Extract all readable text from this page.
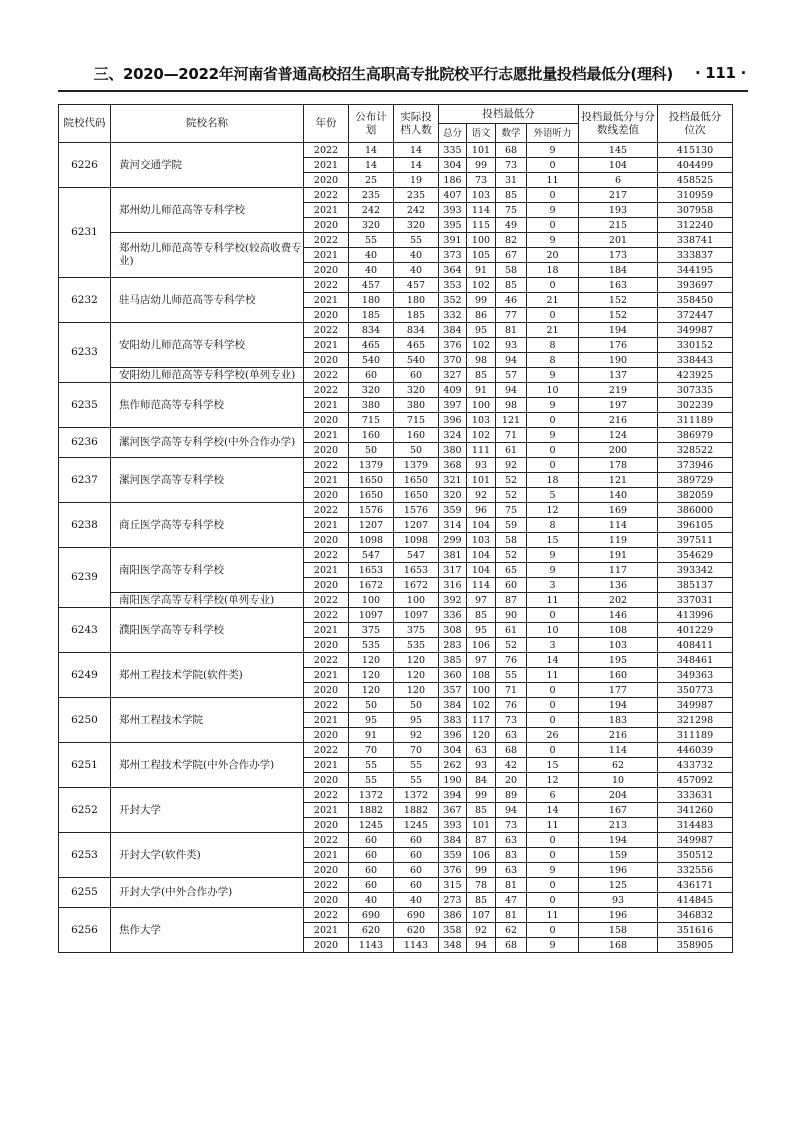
三、2020—2022年河南省普通高校招生高职高专批院校平行志愿批量投档最低分(理科) · 111 ·
院校代码	院校名称	年份	公布计划	实际投档人数	投档最低分				投档最低分与分数线差值	投档最低分位次
					总分	语文	数学	外语听力		
6226	黄河交通学院	2022	14	14	335	101	68	9	145	415130
		2021	14	14	304	99	73	0	104	404499
		2020	25	19	186	73	31	11	6	458525
6231	郑州幼儿师范高等专科学校	2022	235	235	407	103	85	0	217	310959
		2021	242	242	393	114	75	9	193	307958
		2020	320	320	395	115	49	0	215	312240
	郑州幼儿师范高等专科学校(较高收费专业)	2022	55	55	391	100	82	9	201	338741
		2021	40	40	373	105	67	20	173	333837
		2020	40	40	364	91	58	18	184	344195
6232	驻马店幼儿师范高等专科学校	2022	457	457	353	102	85	0	163	393697
		2021	180	180	352	99	46	21	152	358450
		2020	185	185	332	86	77	0	152	372447
6233	安阳幼儿师范高等专科学校	2022	834	834	384	95	81	21	194	349987
		2021	465	465	376	102	93	8	176	330152
		2020	540	540	370	98	94	8	190	338443
	安阳幼儿师范高等专科学校(单列专业)	2022	60	60	327	85	57	9	137	423925
6235	焦作师范高等专科学校	2022	320	320	409	91	94	10	219	307335
		2021	380	380	397	100	98	9	197	302239
		2020	715	715	396	103	121	0	216	311189
6236	漯河医学高等专科学校(中外合作办学)	2021	160	160	324	102	71	9	124	386979
		2020	50	50	380	111	61	0	200	328522
6237	漯河医学高等专科学校	2022	1379	1379	368	93	92	0	178	373946
		2021	1650	1650	321	101	52	18	121	389729
		2020	1650	1650	320	92	52	5	140	382059
6238	商丘医学高等专科学校	2022	1576	1576	359	96	75	12	169	386000
		2021	1207	1207	314	104	59	8	114	396105
		2020	1098	1098	299	103	58	15	119	397511
6239	南阳医学高等专科学校	2022	547	547	381	104	52	9	191	354629
		2021	1653	1653	317	104	65	9	117	393342
		2020	1672	1672	316	114	60	3	136	385137
	南阳医学高等专科学校(单列专业)	2022	100	100	392	97	87	11	202	337031
6243	濮阳医学高等专科学校	2022	1097	1097	336	85	90	0	146	413996
		2021	375	375	308	95	61	10	108	401229
		2020	535	535	283	106	52	3	103	408411
6249	郑州工程技术学院(软件类)	2022	120	120	385	97	76	14	195	348461
		2021	120	120	360	108	55	11	160	349363
		2020	120	120	357	100	71	0	177	350773
6250	郑州工程技术学院	2022	50	50	384	102	76	0	194	349987
		2021	95	95	383	117	73	0	183	321298
		2020	91	92	396	120	63	26	216	311189
6251	郑州工程技术学院(中外合作办学)	2022	70	70	304	63	68	0	114	446039
		2021	55	55	262	93	42	15	62	433732
		2020	55	55	190	84	20	12	10	457092
6252	开封大学	2022	1372	1372	394	99	89	6	204	333631
		2021	1882	1882	367	85	94	14	167	341260
		2020	1245	1245	393	101	73	11	213	314483
6253	开封大学(软件类)	2022	60	60	384	87	63	0	194	349987
		2021	60	60	359	106	83	0	159	350512
		2020	60	60	376	99	63	9	196	332556
6255	开封大学(中外合作办学)	2022	60	60	315	78	81	0	125	436171
		2020	40	40	273	85	47	0	93	414845
6256	焦作大学	2022	690	690	386	107	81	11	196	346832
		2021	620	620	358	92	62	0	158	351616
		2020	1143	1143	348	94	68	9	168	358905
